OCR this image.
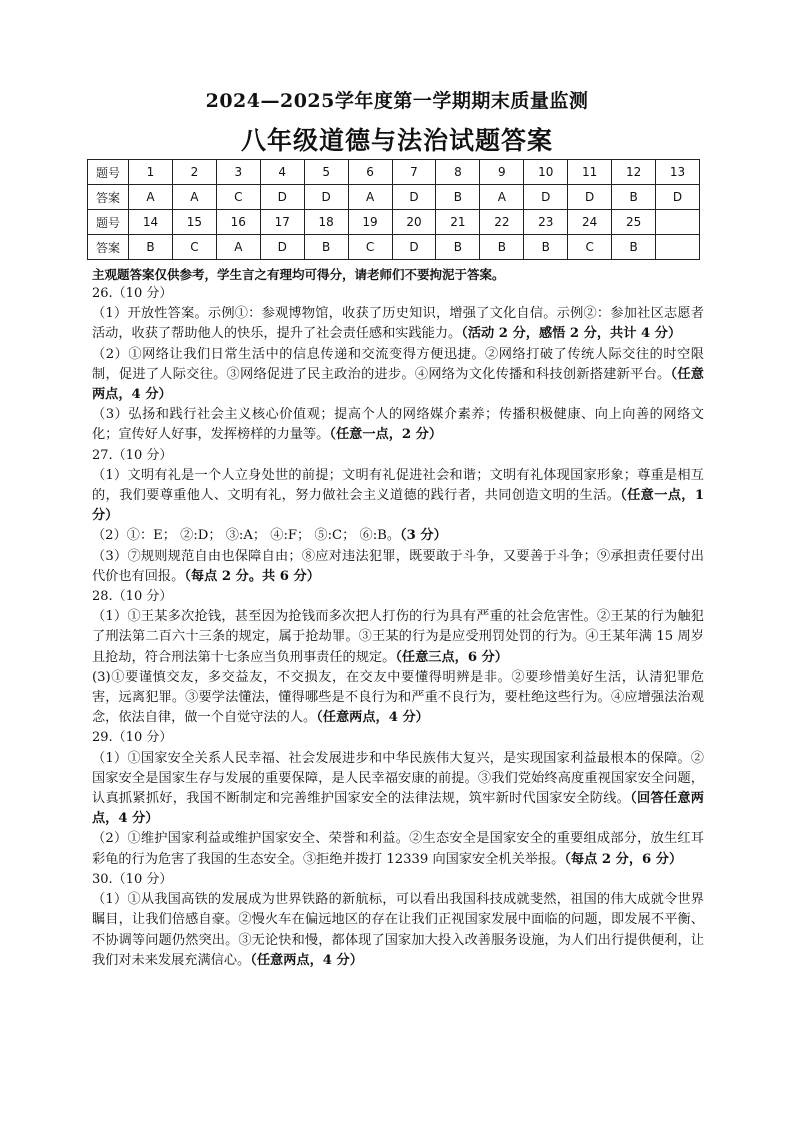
2024—2025学年度第一学期期末质量监测
八年级道德与法治试题答案
题号	1	2	3	4	5	6	7	8	9	10	11	12	13
答案	A	A	C	D	D	A	D	B	A	D	D	B	D
题号	14	15	16	17	18	19	20	21	22	23	24	25	
答案	B	C	A	D	B	C	D	B	B	B	C	B	
主观题答案仅供参考，学生言之有理均可得分，请老师们不要拘泥于答案。

26.（10 分）

（1）开放性答案。示例①：参观博物馆，收获了历史知识，增强了文化自信。示例②：参加社区志愿者活动，收获了帮助他人的快乐，提升了社会责任感和实践能力。（活动 2 分，感悟 2 分，共计 4 分）

（2）①网络让我们日常生活中的信息传递和交流变得方便迅捷。②网络打破了传统人际交往的时空限制，促进了人际交往。③网络促进了民主政治的进步。④网络为文化传播和科技创新搭建新平台。（任意两点，4 分）

（3）弘扬和践行社会主义核心价值观；提高个人的网络媒介素养；传播积极健康、向上向善的网络文化；宣传好人好事，发挥榜样的力量等。（任意一点，2 分）

27.（10 分）

（1）文明有礼是一个人立身处世的前提；文明有礼促进社会和谐；文明有礼体现国家形象；尊重是相互的，我们要尊重他人、文明有礼，努力做社会主义道德的践行者，共同创造文明的生活。（任意一点，1 分）

（2）①：E； ②:D； ③:A； ④:F； ⑤:C； ⑥:B。（3 分）

（3）⑦规则规范自由也保障自由；⑧应对违法犯罪，既要敢于斗争，又要善于斗争；⑨承担责任要付出代价也有回报。（每点 2 分。共 6 分）

28.（10 分）

（1）①王某多次抢钱，甚至因为抢钱而多次把人打伤的行为具有严重的社会危害性。②王某的行为触犯了刑法第二百六十三条的规定，属于抢劫罪。③王某的行为是应受刑罚处罚的行为。④王某年满 15 周岁且抢劫，符合刑法第十七条应当负刑事责任的规定。（任意三点，6 分）

(3)①要谨慎交友，多交益友，不交损友，在交友中要懂得明辨是非。②要珍惜美好生活，认清犯罪危害，远离犯罪。③要学法懂法，懂得哪些是不良行为和严重不良行为，要杜绝这些行为。④应增强法治观念，依法自律，做一个自觉守法的人。（任意两点，4 分）

29.（10 分）

（1）①国家安全关系人民幸福、社会发展进步和中华民族伟大复兴，是实现国家利益最根本的保障。②国家安全是国家生存与发展的重要保障，是人民幸福安康的前提。③我们党始终高度重视国家安全问题，认真抓紧抓好，我国不断制定和完善维护国家安全的法律法规，筑牢新时代国家安全防线。（回答任意两点，4 分）

（2）①维护国家利益或维护国家安全、荣誉和利益。②生态安全是国家安全的重要组成部分，放生红耳彩龟的行为危害了我国的生态安全。③拒绝并拨打 12339 向国家安全机关举报。（每点 2 分，6 分）

30.（10 分）

（1）①从我国高铁的发展成为世界铁路的新航标，可以看出我国科技成就斐然，祖国的伟大成就令世界瞩目，让我们倍感自豪。②慢火车在偏远地区的存在让我们正视国家发展中面临的问题，即发展不平衡、不协调等问题仍然突出。③无论快和慢，都体现了国家加大投入改善服务设施，为人们出行提供便利，让我们对未来发展充满信心。（任意两点，4 分）
